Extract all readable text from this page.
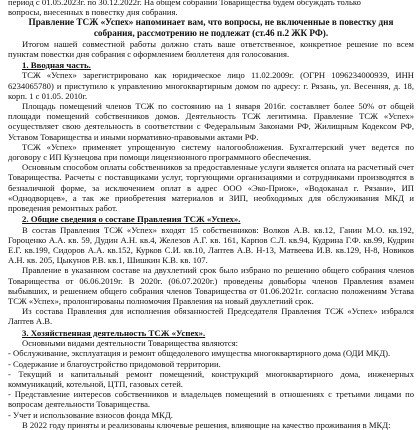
период с 01.05.2023г. по 30.12.2022г. На общем собрании Товарищества будем обсуждать только

вопросы, внесенных в повестку дня собрания.

Правление ТСЖ «Успех» напоминает вам, что вопросы, не включенные в повестку дня

собрания, рассмотрению не подлежат (ст.46 п.2 ЖК РФ).

Итогом нашей совместной работы должно стать ваше ответственное, конкретное решение по всем пунктам повестки дня собрания с оформлением бюллетеня для голосования.

1. Вводная часть.

ТСЖ «Успех» зарегистрировано как юридическое лицо 11.02.2009г. (ОГРН 1096234000939, ИНН 6234065780) и приступило к управлению многоквартирным домом по адресу: г. Рязань, ул. Весенняя, д. 18, корп. 1 с 01.05. 2010г.

Площадь помещений членов ТСЖ по состоянию на 1 января 2016г. составляет более 50% от общей площади помещений собственников домов. Деятельность ТСЖ легитимна. Правление ТСЖ «Успех» осуществляет свою деятельность в соответствии с Федеральным Законами РФ, Жилищным Кодексом РФ, Уставом Товарищества и иными нормативно-правовыми актами РФ.

ТСЖ «Успех» применяет упрощенную систему налогообложения. Бухгалтерский учет ведется по договору с ИП Кузнецова при помощи лицензионного программного обеспечения.

Основным способом оплаты собственников за предоставленные услуги является оплата на расчетный счет Товарищества. Расчеты с поставщиками услуг, торгующими организациями и сотрудниками производятся в безналичной форме, за исключением оплат в адрес ООО «Эко-Приок», «Водоканал г. Рязани», ИП «Однодворцев», а так же приобретения материалов и ЗИП, необходимых для обслуживания МКД и проведения ремонтных работ.

2. Общие сведения о составе Правления ТСЖ «Успех».

В состав Правления ТСЖ «Успех» входят 15 собственников: Волков А.В. кв.12, Ганин М.О. кв.192, Гороценко А.А. кв. 59, Дудин А.Н. кв.4, Железов А.Г. кв. 161, Карпов С.Л. кв.94, Кудрина Г.Ф. кв.99, Кудрин Е.Г. кв.199, Сидоров А.А. кв.152, Курков С.И. кв.10, Лаптев А.В. Н-13, Матвеева И.В. кв.129, Н-8, Новиков А.Н. кв. 205, Цыкунов Р.В. кв.1, Шишкин К.В. кв. 107.

Правление в указанном составе на двухлетний срок было избрано по решению общего собрания членов Товарищества от 06.06.2019г. В 2020г. (06.07.2020г.) проведены довыборы членов Правления взамен выбывших, и решением общего собрания членов Товарищества от 01.06.2021г. согласно положениям Устава ТСЖ «Успех», пролонгированы полномочия Правления на новый двухлетний срок.

Из состава Правления для исполнения обязанностей Председателя Правления ТСЖ «Успех» избрался Лаптев А.В.

3. Хозяйственная деятельность ТСЖ «Успех».

Основными видами деятельности Товарищества являются:

- Обслуживание, эксплуатация и ремонт общедолевого имущества многоквартирного дома (ОДИ МКД).

- Содержание и благоустройство придомовой территории.

- Текущий и капитальный ремонт помещений, конструкций многоквартирного дома, инженерных коммуникаций, котельной, ЦТП, газовых сетей.

- Представление интересов собственников и владельцев помещений в отношениях с третьими лицами по вопросам деятельности Товарищества.

- Учет и использование взносов фонда МКД.

В 2022 году приняты и реализованы ключевые решения, влияющие на качество проживания в МКД:
